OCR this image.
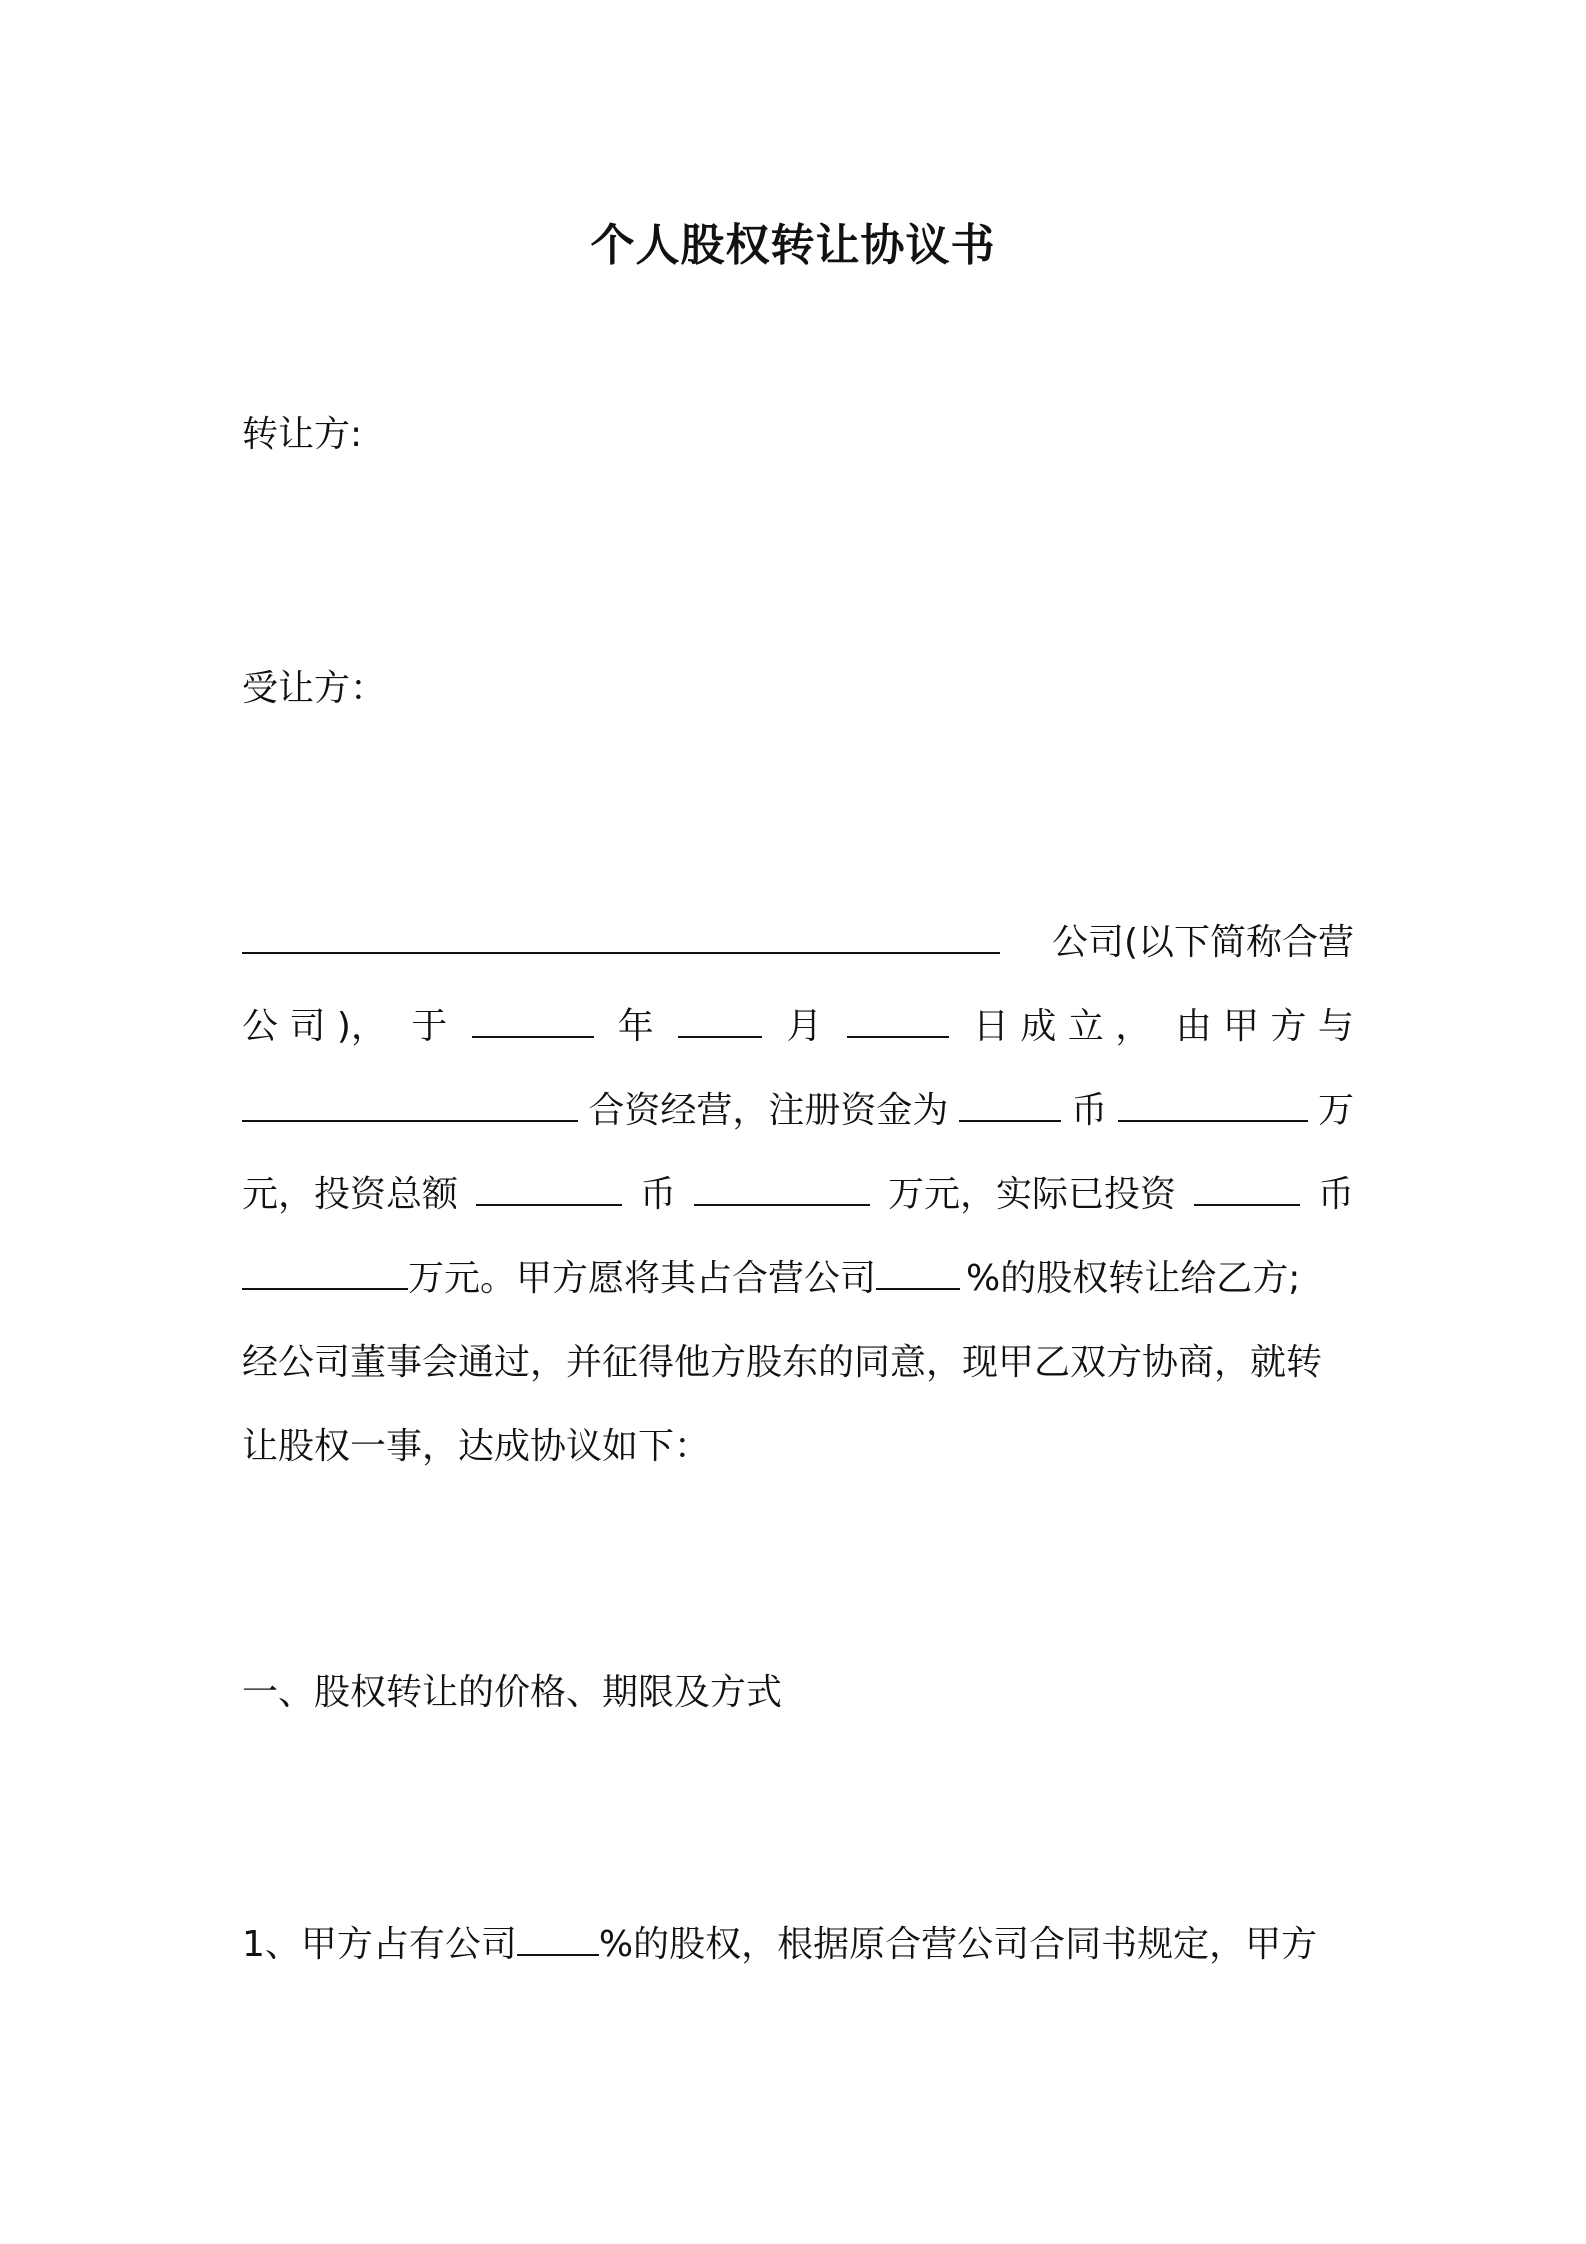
个人股权转让协议书

转让方:

受让方：

公司(以下简称合营
公 司 )， 于	年	月	日 成 立 ， 由 甲 方 与
合资经营，注册资金为	币	万
元，投资总额	币	万元，实际已投资	币
万元。甲方愿将其占合营公司	%的股权转让给乙方;
经公司董事会通过，并征得他方股东的同意，现甲乙双方协商，就转
让股权一事，达成协议如下：
一、股权转让的价格、期限及方式
1、甲方占有公司 %的股权，根据原合营公司合同书规定，甲方
